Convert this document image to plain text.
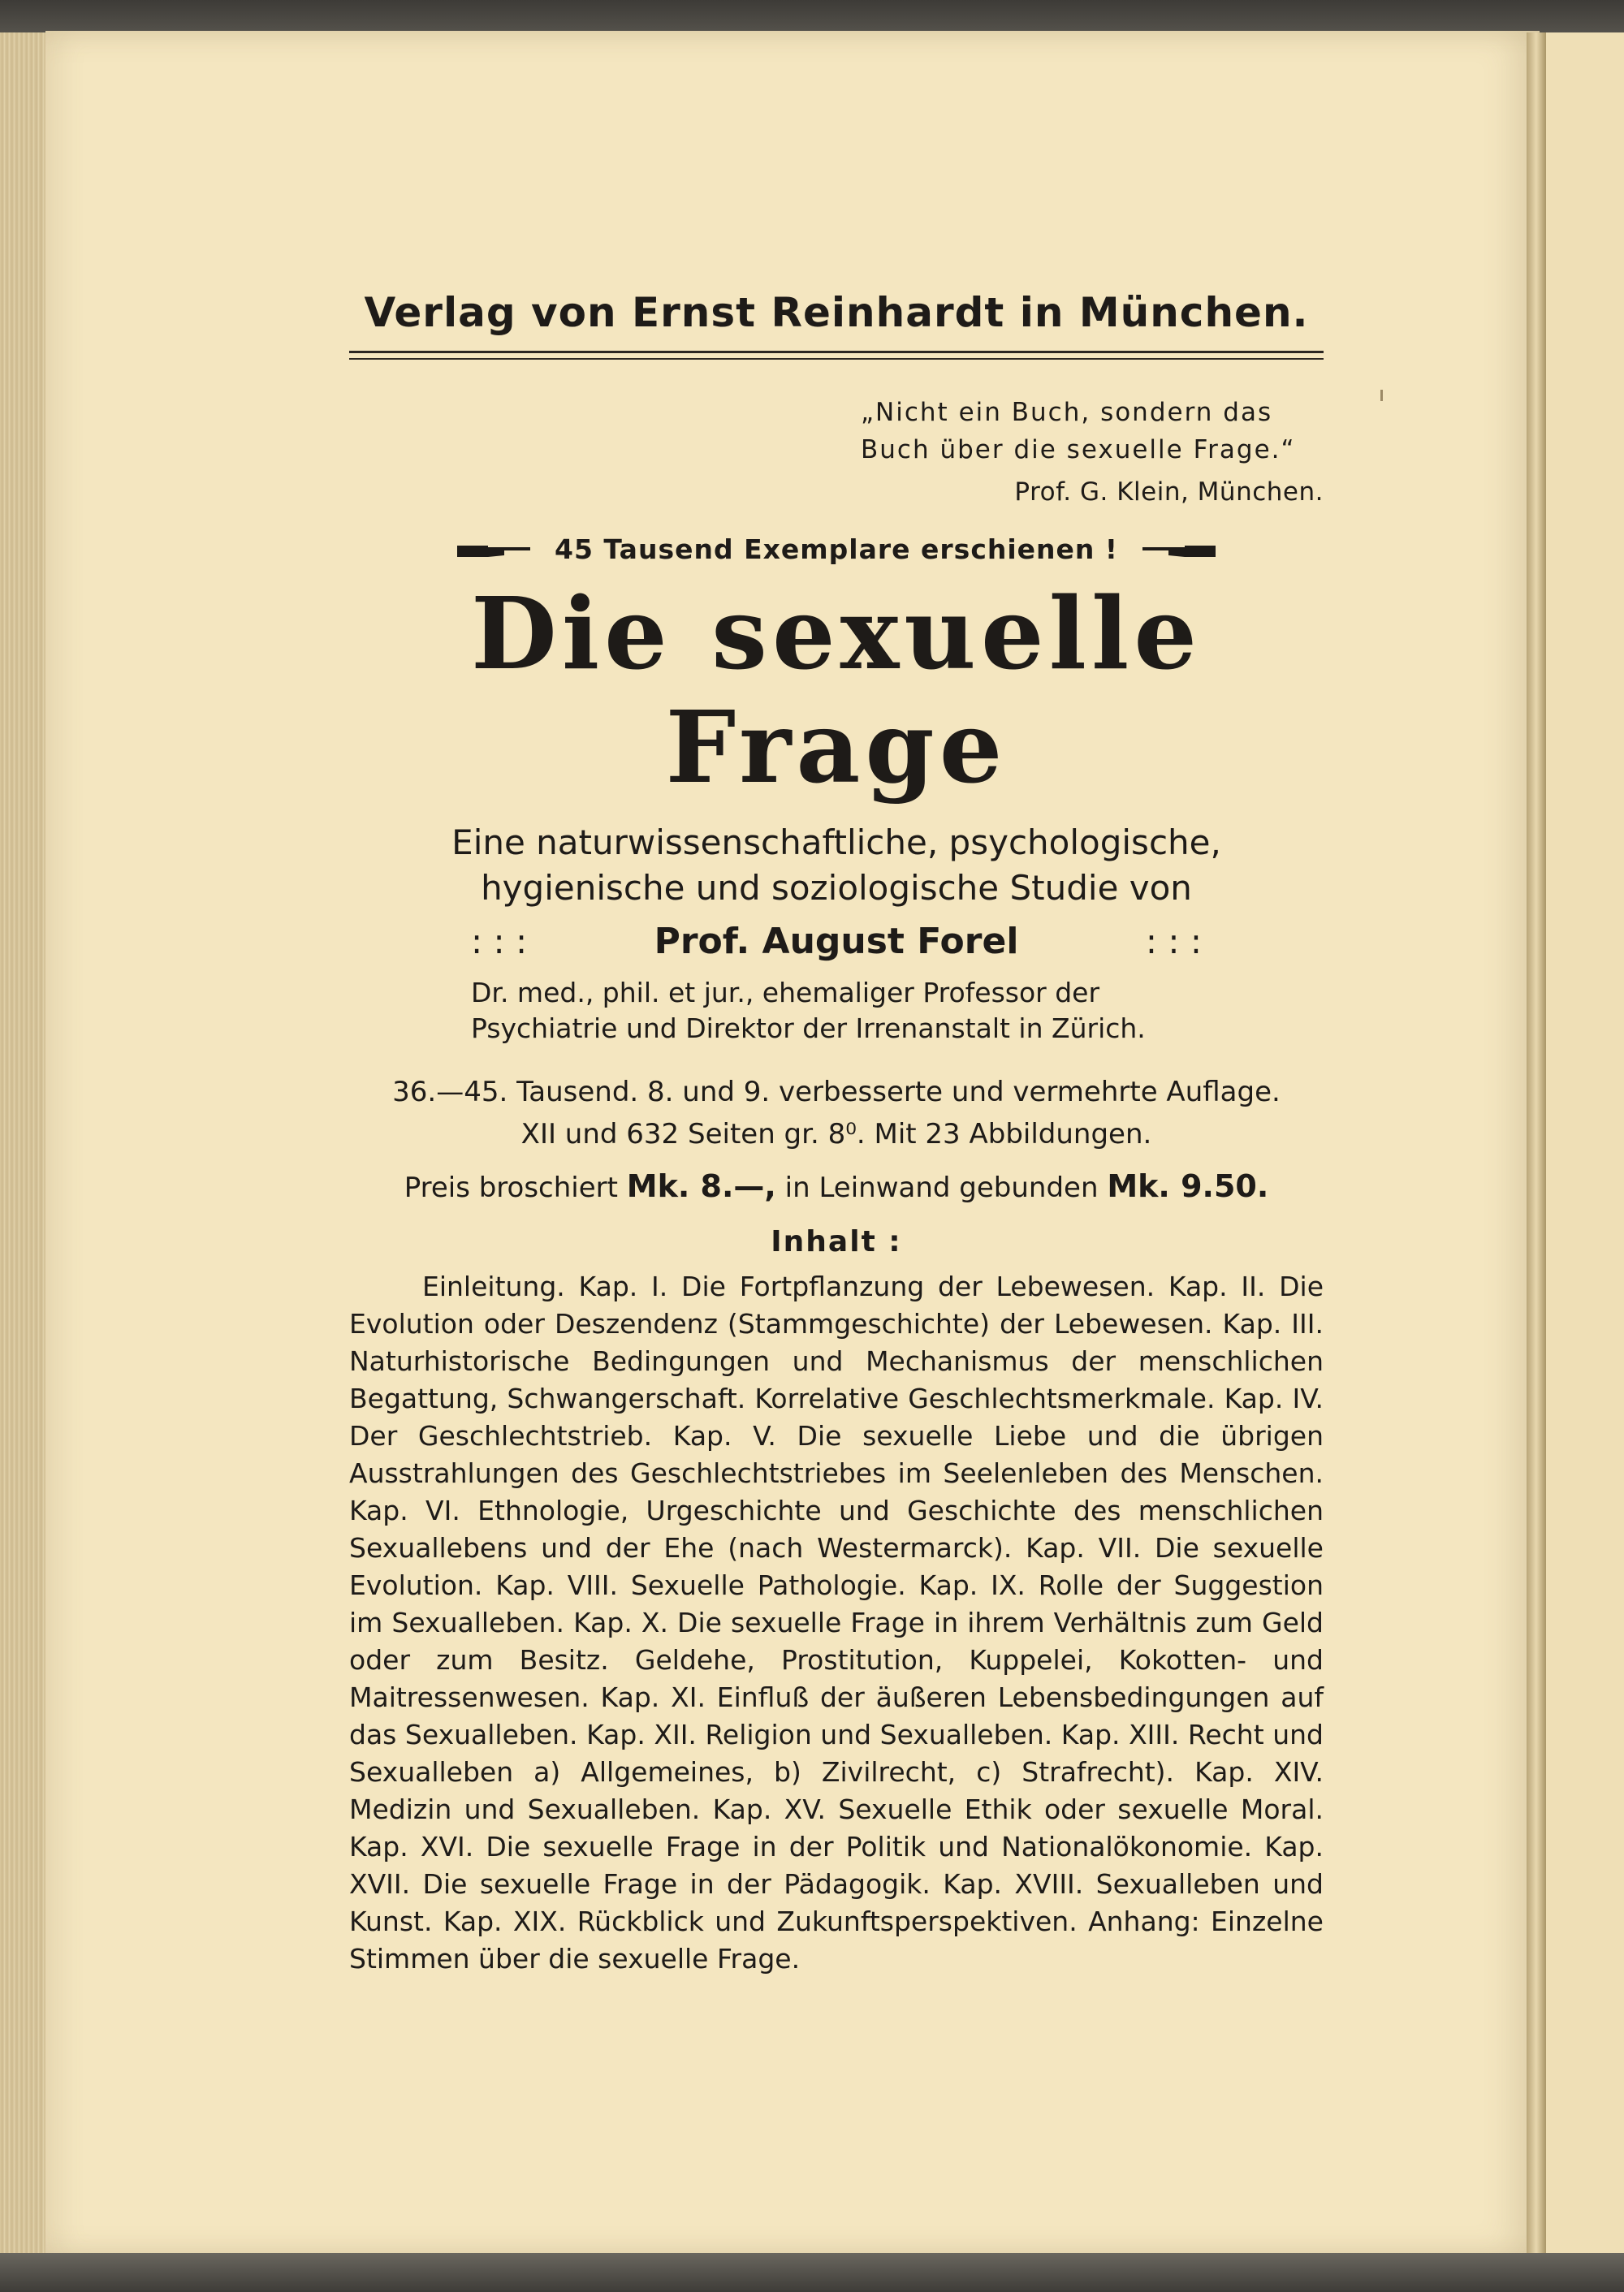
Verlag von Ernst Reinhardt in München.
„Nicht ein Buch, sondern das
Buch über die sexuelle Frage.“
Prof. G. Klein, München.
45 Tausend Exemplare erschienen !
Die sexuelle Frage
Eine naturwissenschaftliche, psychologische,
hygienische und soziologische Studie von
: : :	Prof. August Forel	: : :
Dr. med., phil. et jur., ehemaliger Professor der
Psychiatrie und Direktor der Irrenanstalt in Zürich.
36.—45. Tausend. 8. und 9. verbesserte und vermehrte Auflage.
XII und 632 Seiten gr. 8⁰. Mit 23 Abbildungen.
Preis broschiert Mk. 8.—, in Leinwand gebunden Mk. 9.50.
Inhalt :
Einleitung. Kap. I. Die Fortpflanzung der Lebewesen. Kap. II. Die Evolution oder Deszendenz (Stammgeschichte) der Lebewesen. Kap. III. Naturhistorische Bedingungen und Mechanismus der menschlichen Begattung, Schwangerschaft. Korrelative Geschlechtsmerkmale. Kap. IV. Der Geschlechtstrieb. Kap. V. Die sexuelle Liebe und die übrigen Ausstrahlungen des Geschlechtstriebes im Seelenleben des Menschen. Kap. VI. Ethnologie, Urgeschichte und Geschichte des menschlichen Sexuallebens und der Ehe (nach Westermarck). Kap. VII. Die sexuelle Evolution. Kap. VIII. Sexuelle Pathologie. Kap. IX. Rolle der Suggestion im Sexualleben. Kap. X. Die sexuelle Frage in ihrem Verhältnis zum Geld oder zum Besitz. Geldehe, Prostitution, Kuppelei, Kokotten- und Maitressenwesen. Kap. XI. Einfluß der äußeren Lebensbedingungen auf das Sexualleben. Kap. XII. Religion und Sexualleben. Kap. XIII. Recht und Sexualleben a) Allgemeines, b) Zivilrecht, c) Strafrecht). Kap. XIV. Medizin und Sexualleben. Kap. XV. Sexuelle Ethik oder sexuelle Moral. Kap. XVI. Die sexuelle Frage in der Politik und Nationalökonomie. Kap. XVII. Die sexuelle Frage in der Pädagogik. Kap. XVIII. Sexualleben und Kunst. Kap. XIX. Rückblick und Zukunftsperspektiven. Anhang: Einzelne Stimmen über die sexuelle Frage.
